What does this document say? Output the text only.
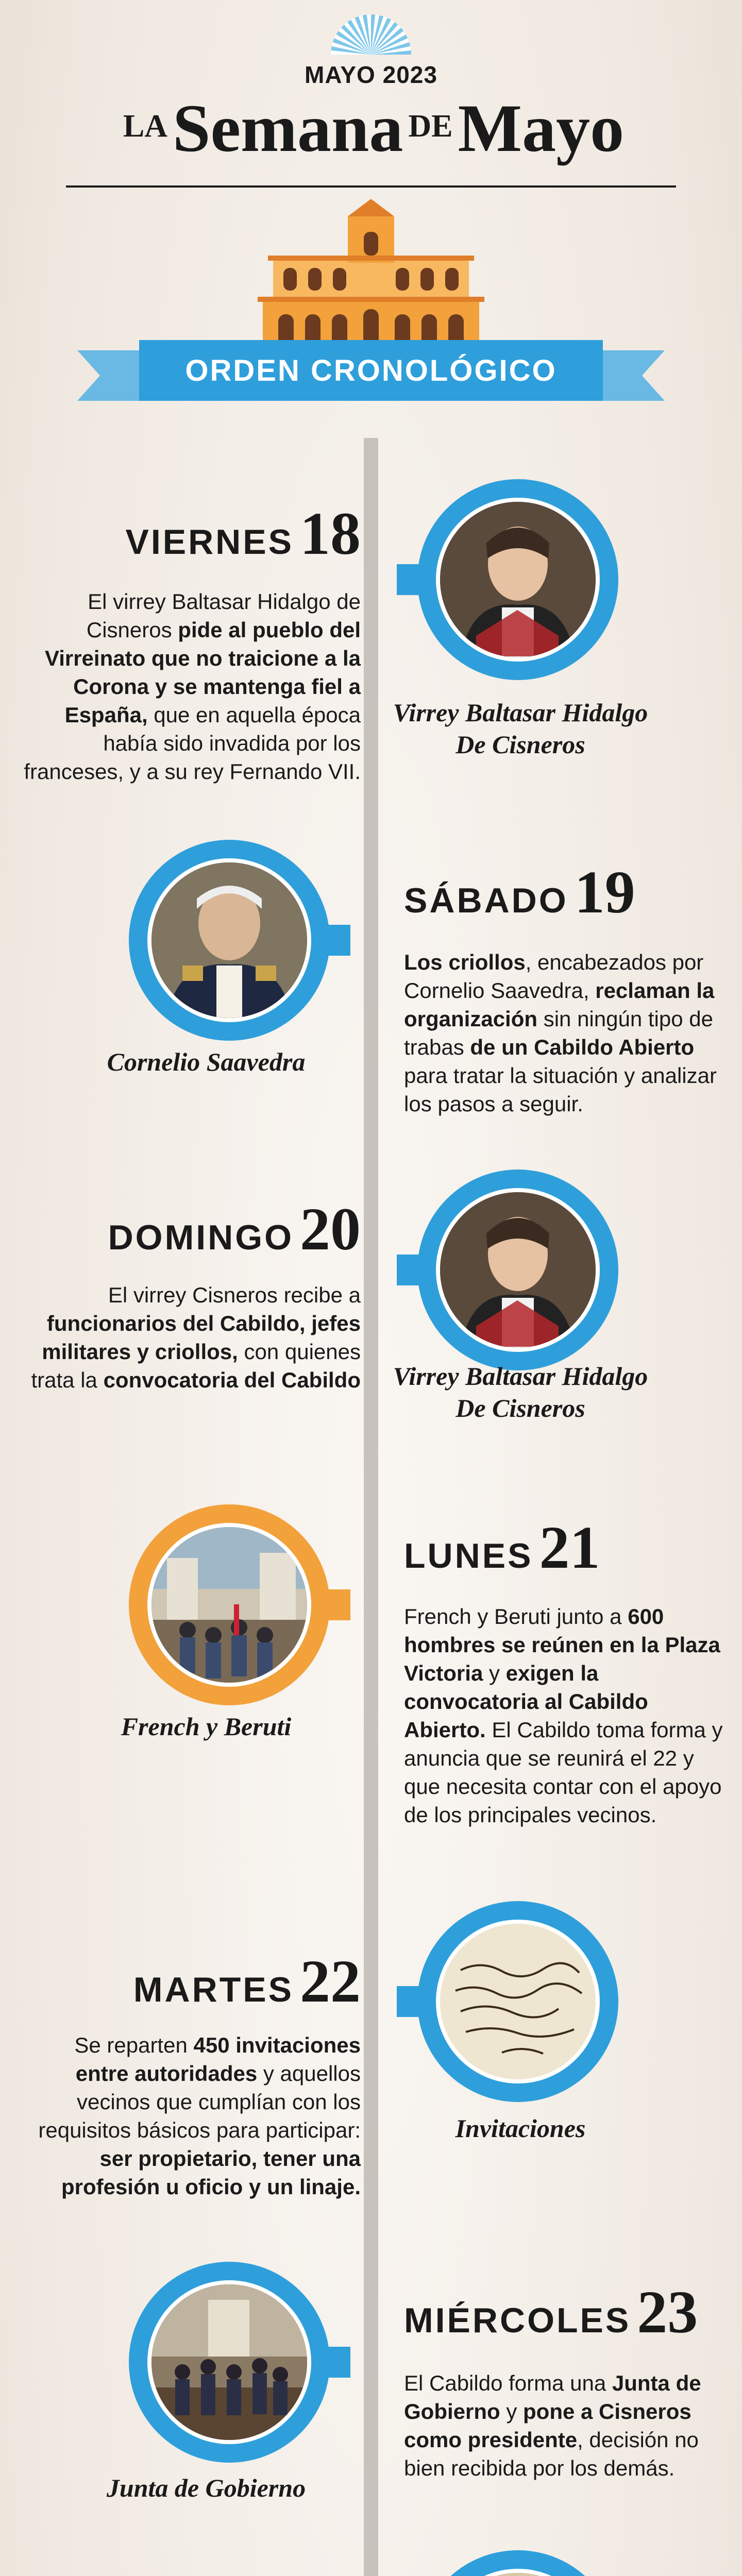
MAYO 2023
$^{LA}$Semana $^{DE}$Mayo
ORDEN CRONOLÓGICO
VIERNES 18
El virrey Baltasar Hidalgo de Cisneros pide al pueblo del Virreinato que no traicione a la Corona y se mantenga fiel a España, que en aquella época había sido invadida por los franceses, y a su rey Fernando VII.
Virrey Baltasar Hidalgo De Cisneros
Cornelio Saavedra
SÁBADO 19
Los criollos, encabezados por Cornelio Saavedra, reclaman la organización sin ningún tipo de trabas de un Cabildo Abierto para tratar la situación y analizar los pasos a seguir.
DOMINGO 20
El virrey Cisneros recibe a funcionarios del Cabildo, jefes militares y criollos, con quienes trata la convocatoria del Cabildo	Virrey Baltasar Hidalgo De Cisneros
French y Beruti
LUNES 21
French y Beruti junto a 600 hombres se reúnen en la Plaza Victoria y exigen la convocatoria al Cabildo Abierto. El Cabildo toma forma y anuncia que se reunirá el 22 y que necesita contar con el apoyo de los principales vecinos.
MARTES 22
Se reparten 450 invitaciones entre autoridades y aquellos vecinos que cumplían con los requisitos básicos para participar: ser propietario, tener una profesión u oficio y un linaje.
Invitaciones
Junta de Gobierno
MIÉRCOLES 23
El Cabildo forma una Junta de Gobierno y pone a Cisneros como presidente, decisión no bien recibida por los demás.
